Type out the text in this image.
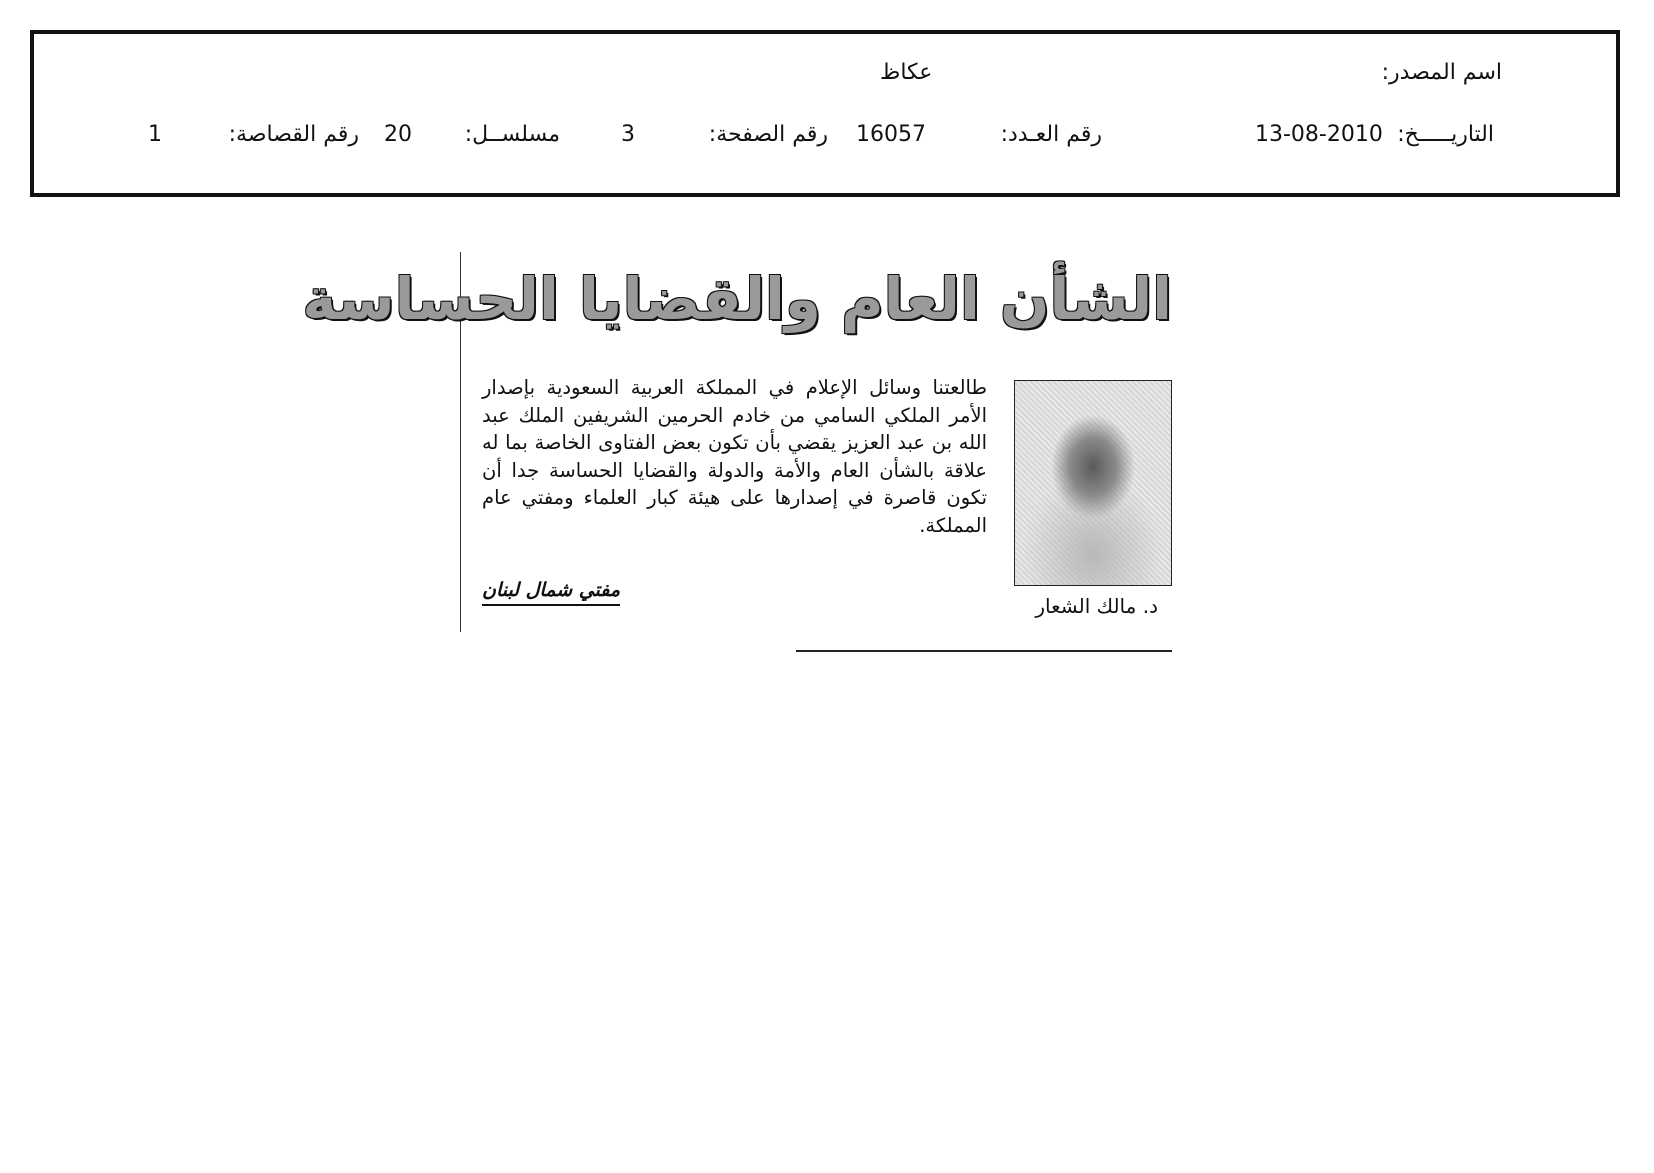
اسم المصدر:
عكاظ
التاريـــــخ:
13-08-2010
رقم العـدد:
16057
رقم الصفحة:
3
مسلســل:
20
رقم القصاصة:
1
الشأن العام والقضايا الحساسة
د. مالك الشعار
طالعتنا وسائل الإعلام في المملكة العربية السعودية بإصدار الأمر الملكي السامي من خادم الحرمين الشريفين الملك عبد الله بن عبد العزيز يقضي بأن تكون بعض الفتاوى الخاصة بما له علاقة بالشأن العام والأمة والدولة والقضايا الحساسة جدا أن تكون قاصرة في إصدارها على هيئة كبار العلماء ومفتي عام المملكة.
مفتي شمال لبنان
